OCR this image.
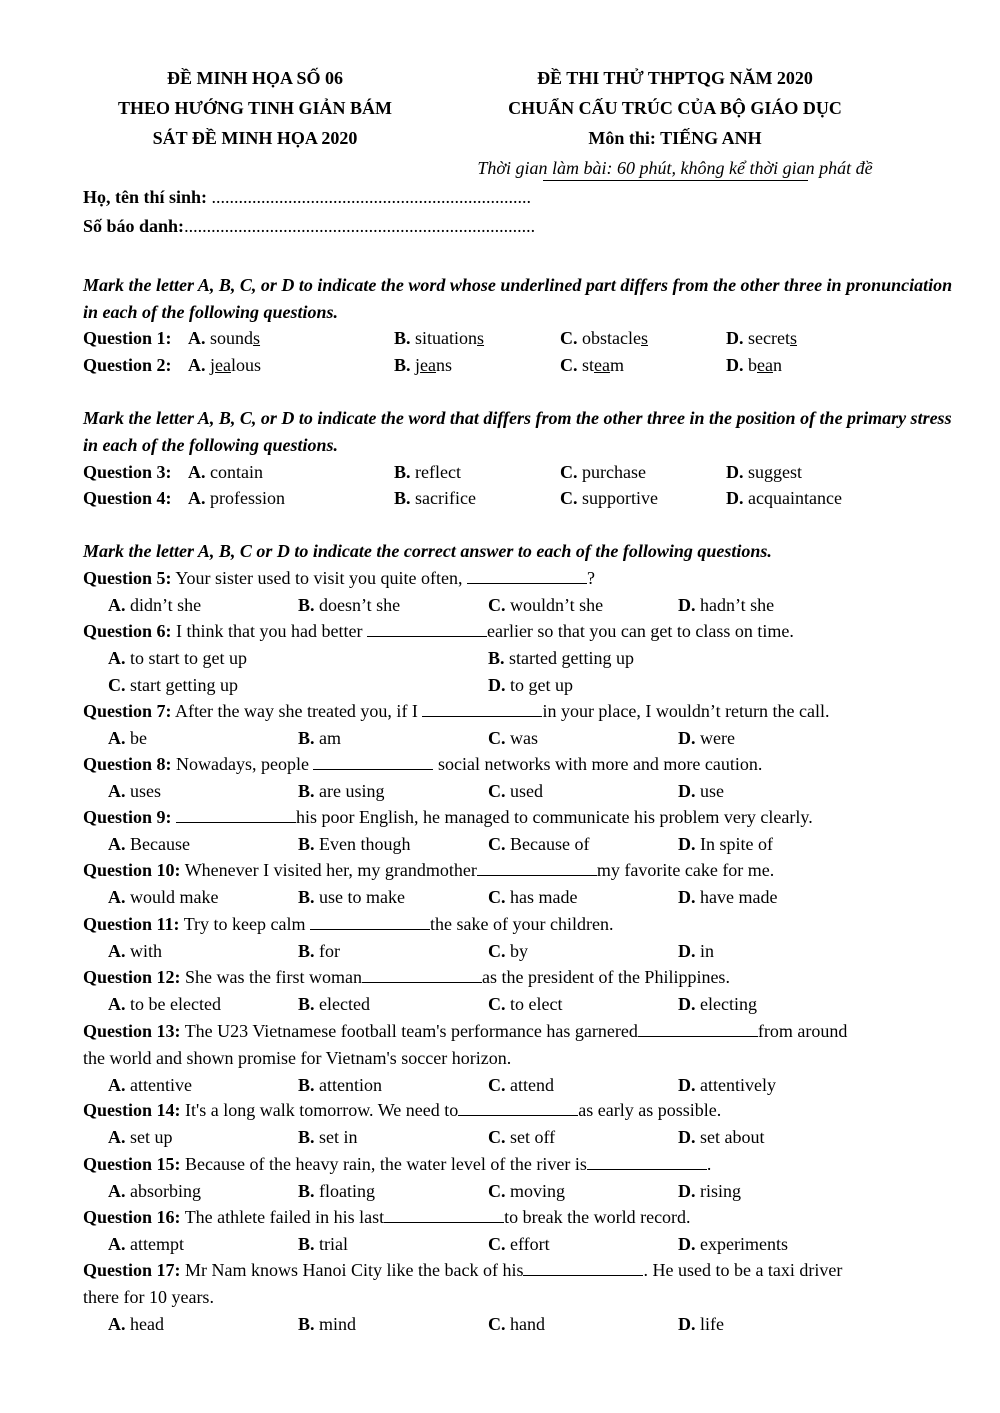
ĐỀ MINH HỌA SỐ 06
THEO HƯỚNG TINH GIẢN BÁM
SÁT ĐỀ MINH HỌA 2020
ĐỀ THI THỬ THPTQG NĂM 2020
CHUẨN CẤU TRÚC CỦA BỘ GIÁO DỤC
Môn thi: TIẾNG ANH
Thời gian làm bài: 60 phút, không kể thời gian phát đề
Họ, tên thí sinh: .......................................................................
Số báo danh:..............................................................................
Mark the letter A, B, C, or D to indicate the word whose underlined part differs from the other three in pronunciation in each of the following questions.
Question 1: A. sounds	B. situations	C. obstacles	D. secrets
Question 2: A. jealous	B. jeans	C. steam	D. bean
Mark the letter A, B, C, or D to indicate the word that differs from the other three in the position of the primary stress in each of the following questions.
Question 3: A. contain	B. reflect	C. purchase	D. suggest
Question 4: A. profession	B. sacrifice	C. supportive	D. acquaintance
Mark the letter A, B, C or D to indicate the correct answer to each of the following questions.
Question 5: Your sister used to visit you quite often,	?
A. didn’t she	B. doesn’t she	C. wouldn’t she	D. hadn’t she
Question 6: I think that you had better	earlier so that you can get to class on time.
A. to start to get up	B. started getting up
C. start getting up	D. to get up
Question 7: After the way she treated you, if I	in your place, I wouldn’t return the call.
A. be	B. am	C. was	D. were
Question 8: Nowadays, people	social networks with more and more caution.
A. uses	B. are using	C. used	D. use
Question 9:	his poor English, he managed to communicate his problem very clearly.
A. Because	B. Even though	C. Because of	D. In spite of
Question 10: Whenever I visited her, my grandmother	my favorite cake for me.
A. would make	B. use to make	C. has made	D. have made
Question 11: Try to keep calm	the sake of your children.
A. with	B. for	C. by	D. in
Question 12: She was the first woman	as the president of the Philippines.
A. to be elected	B. elected	C. to elect	D. electing
Question 13: The U23 Vietnamese football team's performance has garnered	from around
the world and shown promise for Vietnam's soccer horizon.
A. attentive	B. attention	C. attend	D. attentively
Question 14: It's a long walk tomorrow. We need to	as early as possible.
A. set up	B. set in	C. set off	D. set about
Question 15: Because of the heavy rain, the water level of the river is	.
A. absorbing	B. floating	C. moving	D. rising
Question 16: The athlete failed in his last	to break the world record.
A. attempt	B. trial	C. effort	D. experiments
Question 17: Mr Nam knows Hanoi City like the back of his	. He used to be a taxi driver
there for 10 years.
A. head	B. mind	C. hand	D. life
